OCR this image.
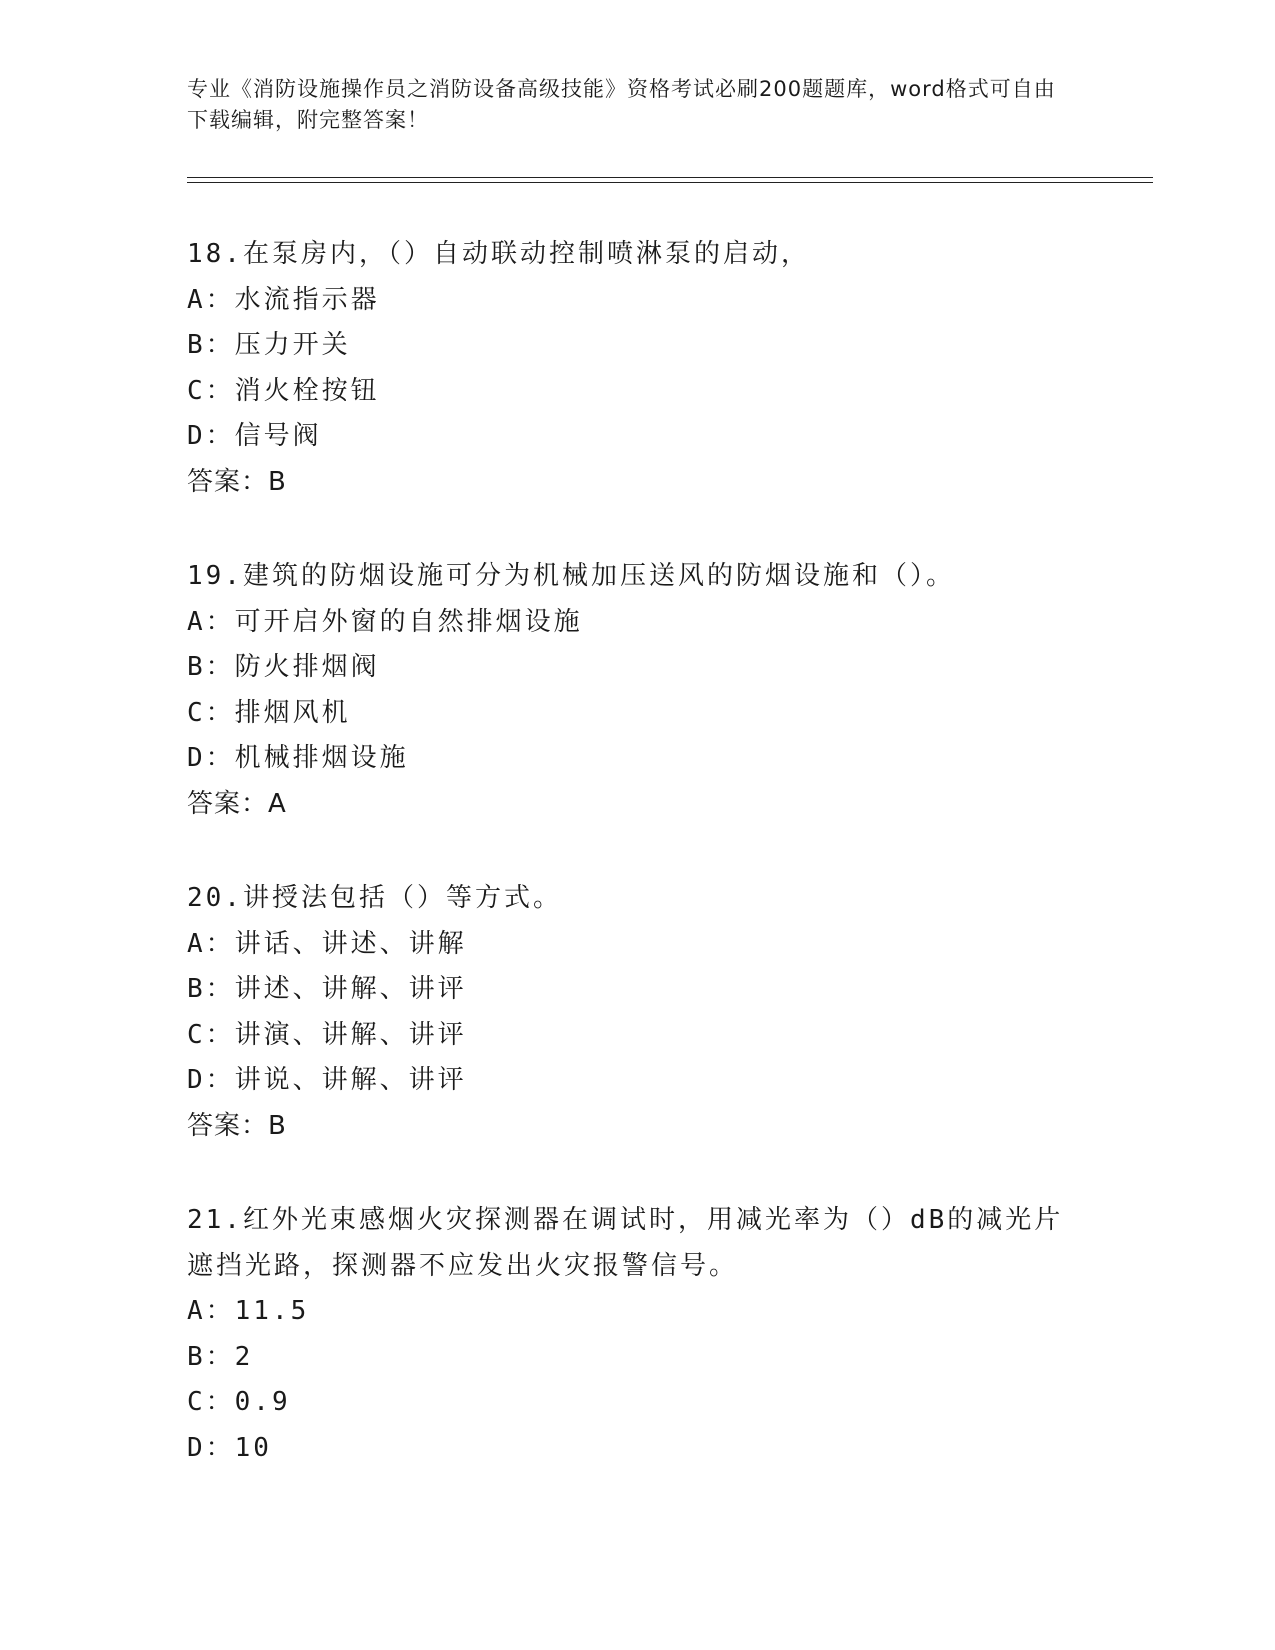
专业《消防设施操作员之消防设备高级技能》资格考试必刷200题题库，word格式可自由下载编辑，附完整答案！
18.在泵房内，（）自动联动控制喷淋泵的启动，
A：水流指示器
B：压力开关
C：消火栓按钮
D：信号阀
答案：B
19.建筑的防烟设施可分为机械加压送风的防烟设施和（）。
A：可开启外窗的自然排烟设施
B：防火排烟阀
C：排烟风机
D：机械排烟设施
答案：A
20.讲授法包括（）等方式。
A：讲话、讲述、讲解
B：讲述、讲解、讲评
C：讲演、讲解、讲评
D：讲说、讲解、讲评
答案：B
21.红外光束感烟火灾探测器在调试时，用减光率为（）dB的减光片遮挡光路，探测器不应发出火灾报警信号。
A：11.5
B：2
C：0.9
D：10
